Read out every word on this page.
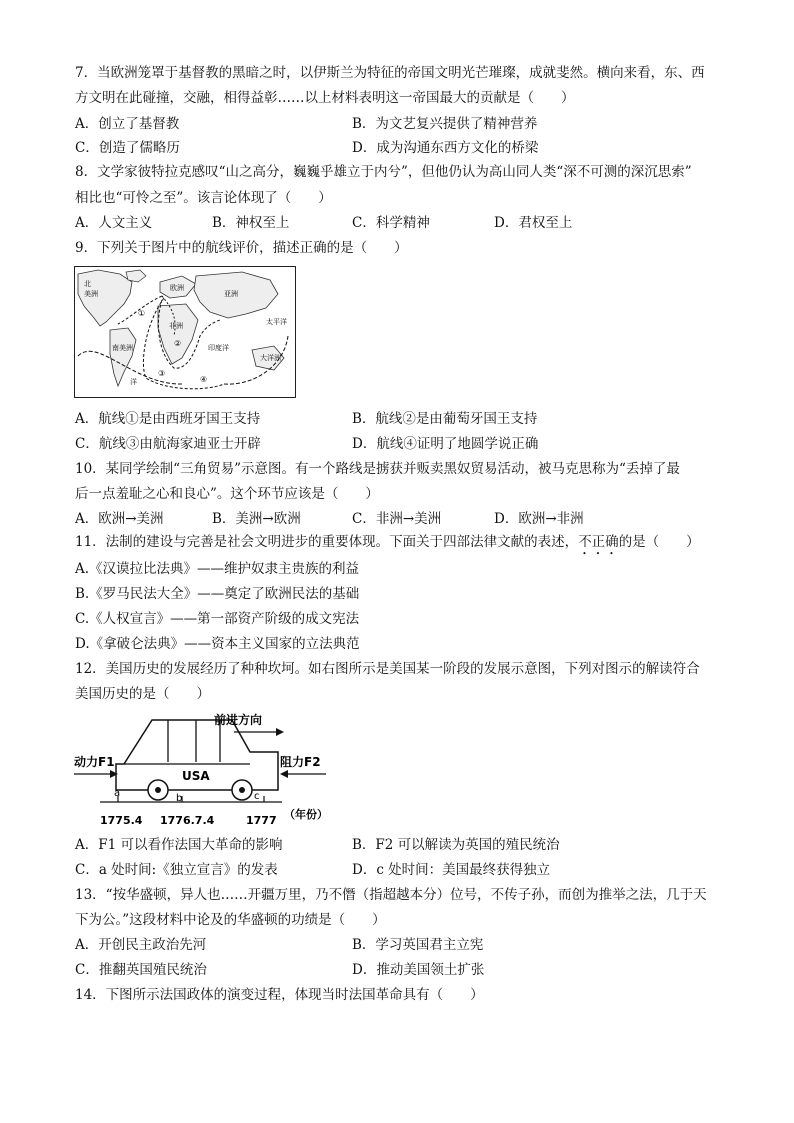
7．当欧洲笼罩于基督教的黑暗之时，以伊斯兰为特征的帝国文明光芒璀璨，成就斐然。横向来看，东、西
方文明在此碰撞，交融，相得益彰……以上材料表明这一帝国最大的贡献是（　　）
A．创立了基督教	B．为文艺复兴提供了精神营养
C．创造了儒略历	D．成为沟通东西方文化的桥梁
8．文学家彼特拉克感叹“山之高分，巍巍乎雄立于内兮”，但他仍认为高山同人类“深不可测的深沉思索”
相比也“可怜之至”。该言论体现了（　　）
A．人文主义	B．神权至上	C．科学精神	D．君权至上
9．下列关于图片中的航线评价，描述正确的是（　　）
北
美洲
欧洲
亚洲
太平洋
非洲
南美洲	印度洋
大洋洲
洋
①
②
③
④
A．航线①是由西班牙国王支持	B．航线②是由葡萄牙国王支持
C．航线③由航海家迪亚士开辟	D．航线④证明了地圆学说正确
10．某同学绘制“三角贸易”示意图。有一个路线是掳获并贩卖黑奴贸易活动，被马克思称为“丢掉了最
后一点羞耻之心和良心”。这个环节应该是（　　）
A．欧洲→美洲	B．美洲→欧洲	C．非洲→美洲	D．欧洲→非洲
11．法制的建设与完善是社会文明进步的重要体现。下面关于四部法律文献的表述，不正确的是（　　）
A.《汉谟拉比法典》——维护奴隶主贵族的利益
B.《罗马民法大全》——奠定了欧洲民法的基础
C.《人权宣言》——第一部资产阶级的成文宪法
D.《拿破仑法典》——资本主义国家的立法典范
12．美国历史的发展经历了种种坎坷。如右图所示是美国某一阶段的发展示意图，下列对图示的解读符合
美国历史的是（　　）
USA
前进方向
动力F1	阻力F2
a	b	c
1775.4 1776.7.4	1777 （年份）
A．F1 可以看作法国大革命的影响	B．F2 可以解读为英国的殖民统治
C．a 处时间:《独立宣言》的发表	D．c 处时间：美国最终获得独立
13．“按华盛顿，异人也……开疆万里，乃不僭（指超越本分）位号，不传子孙，而创为推举之法，几于天
下为公。”这段材料中论及的华盛顿的功绩是（　　）
A．开创民主政治先河	B．学习英国君主立宪
C．推翻英国殖民统治	D．推动美国领土扩张
14．下图所示法国政体的演变过程，体现当时法国革命具有（　　）
